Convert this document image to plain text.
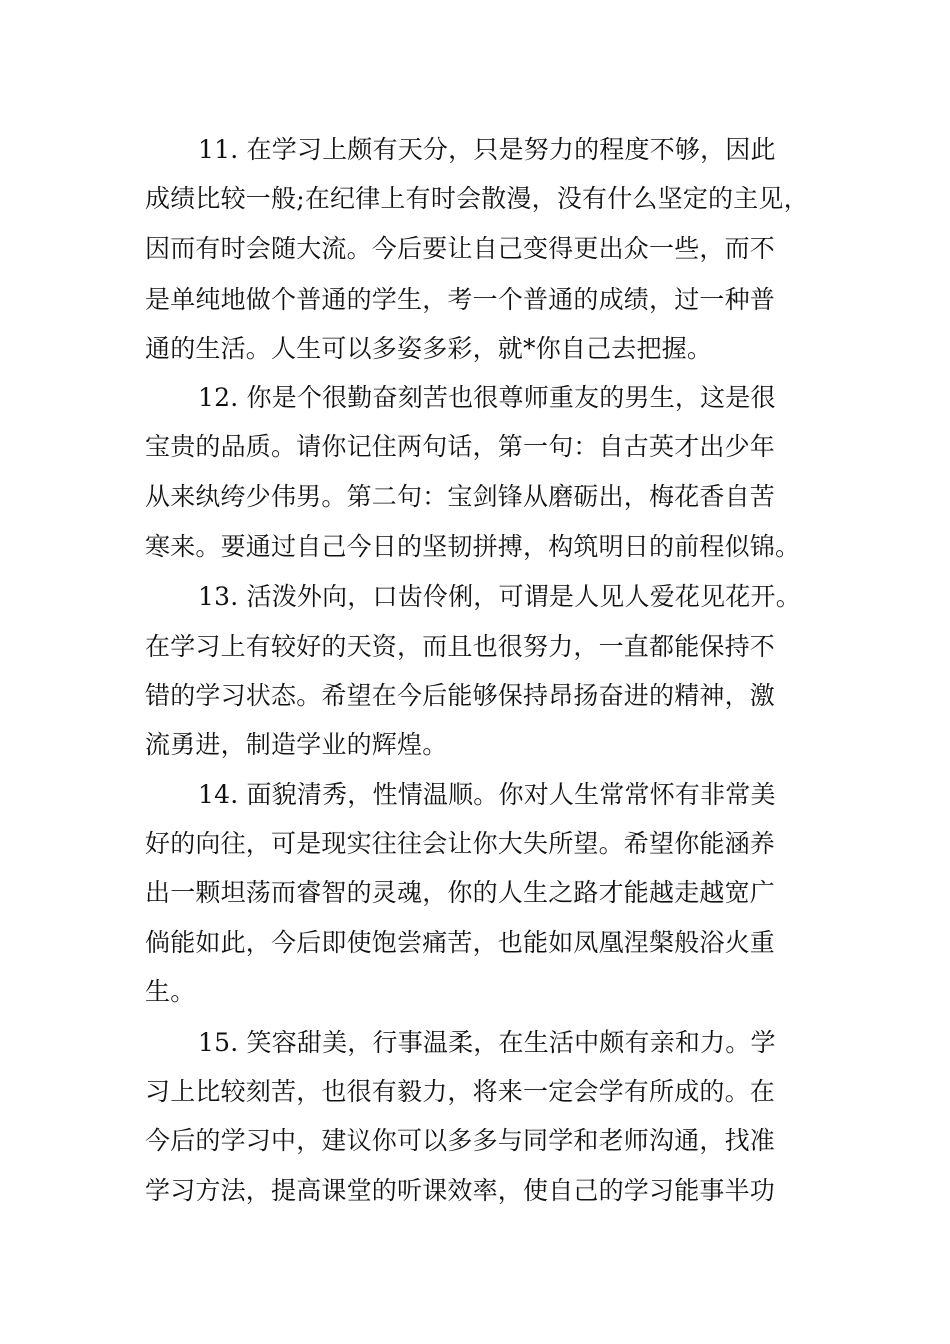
11. 在学习上颇有天分，只是努力的程度不够，因此
成绩比较一般;在纪律上有时会散漫，没有什么坚定的主见，
因而有时会随大流。今后要让自己变得更出众一些，而不
是单纯地做个普通的学生，考一个普通的成绩，过一种普
通的生活。人生可以多姿多彩，就*你自己去把握。
12. 你是个很勤奋刻苦也很尊师重友的男生，这是很
宝贵的品质。请你记住两句话，第一句：自古英才出少年
从来纨绔少伟男。第二句：宝剑锋从磨砺出，梅花香自苦
寒来。要通过自己今日的坚韧拼搏，构筑明日的前程似锦。
13. 活泼外向，口齿伶俐，可谓是人见人爱花见花开。
在学习上有较好的天资，而且也很努力，一直都能保持不
错的学习状态。希望在今后能够保持昂扬奋进的精神，激
流勇进，制造学业的辉煌。
14. 面貌清秀，性情温顺。你对人生常常怀有非常美
好的向往，可是现实往往会让你大失所望。希望你能涵养
出一颗坦荡而睿智的灵魂，你的人生之路才能越走越宽广
倘能如此，今后即使饱尝痛苦，也能如凤凰涅槃般浴火重
生。
15. 笑容甜美，行事温柔，在生活中颇有亲和力。学
习上比较刻苦，也很有毅力，将来一定会学有所成的。在
今后的学习中，建议你可以多多与同学和老师沟通，找准
学习方法，提高课堂的听课效率，使自己的学习能事半功
